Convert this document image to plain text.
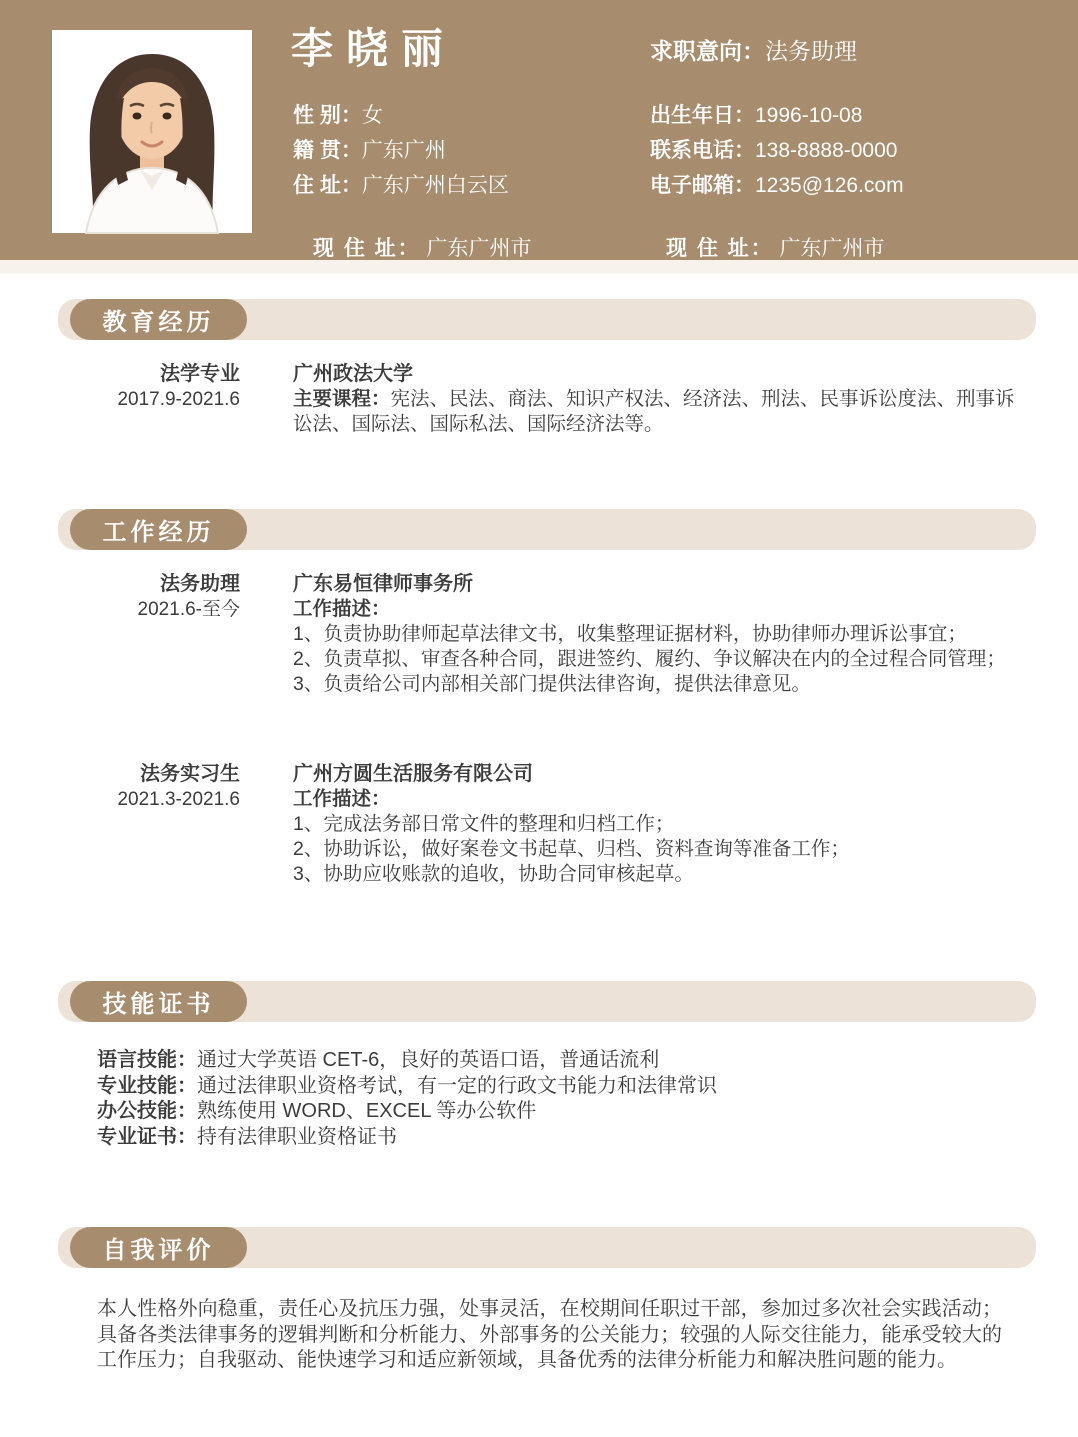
李晓丽	求职意向：法务助理
性 别：女
籍 贯：广东广州
住 址：广东广州白云区
出生年日：1996-10-08
联系电话：138-8888-0000
电子邮箱：1235@126.com
现 住 址： 广东广州市	现 住 址： 广东广州市
教育经历
法学专业
2017.9-2021.6
广州政法大学
主要课程：宪法、民法、商法、知识产权法、经济法、刑法、民事诉讼度法、刑事诉讼法、国际法、国际私法、国际经济法等。
工作经历
法务助理
2021.6-至今
广东易恒律师事务所
工作描述：
1、负责协助律师起草法律文书，收集整理证据材料，协助律师办理诉讼事宜；
2、负责草拟、审查各种合同，跟进签约、履约、争议解决在内的全过程合同管理；
3、负责给公司内部相关部门提供法律咨询，提供法律意见。
法务实习生
2021.3-2021.6
广州方圆生活服务有限公司
工作描述：
1、完成法务部日常文件的整理和归档工作；
2、协助诉讼，做好案卷文书起草、归档、资料查询等准备工作；
3、协助应收账款的追收，协助合同审核起草。
技能证书
语言技能：通过大学英语 CET-6，良好的英语口语，普通话流利
专业技能：通过法律职业资格考试，有一定的行政文书能力和法律常识
办公技能：熟练使用 WORD、EXCEL 等办公软件
专业证书：持有法律职业资格证书
自我评价
本人性格外向稳重，责任心及抗压力强，处事灵活，在校期间任职过干部，参加过多次社会实践活动；具备各类法律事务的逻辑判断和分析能力、外部事务的公关能力；较强的人际交往能力，能承受较大的工作压力；自我驱动、能快速学习和适应新领域，具备优秀的法律分析能力和解决胜问题的能力。
